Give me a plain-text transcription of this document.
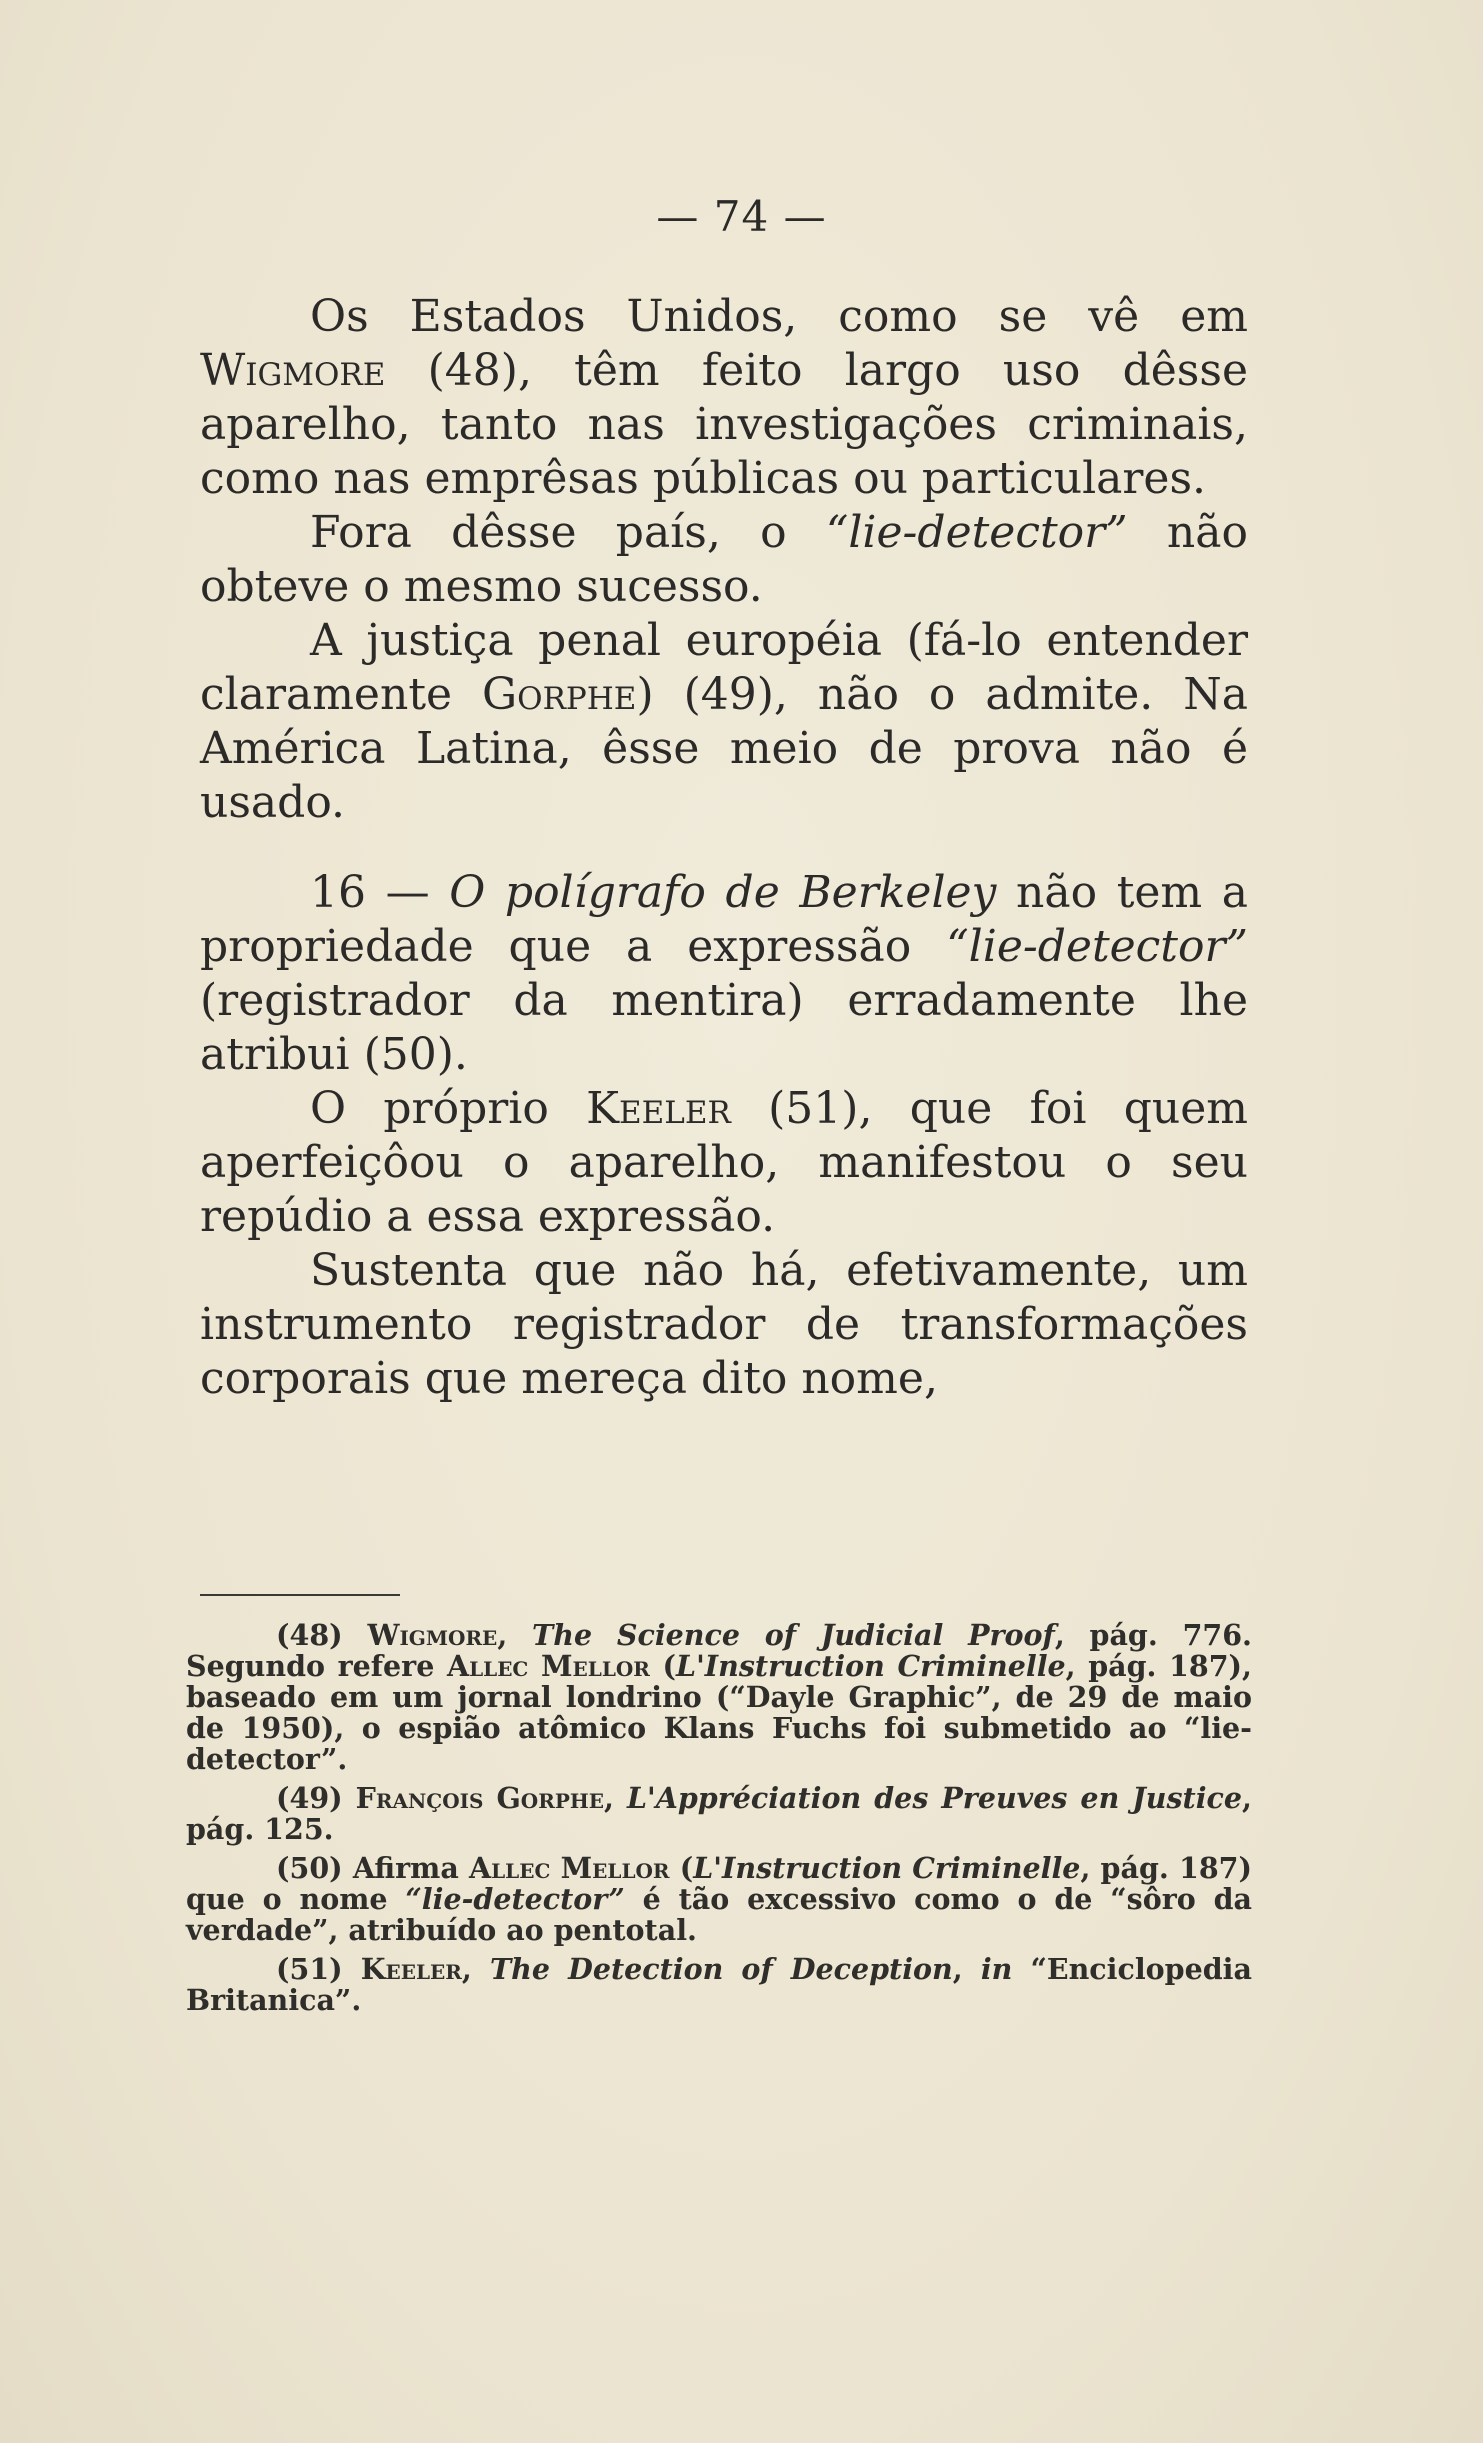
— 74 —

Os Estados Unidos, como se vê em Wigmore (48), têm feito largo uso dêsse aparelho, tanto nas investigações criminais, como nas emprêsas públicas ou particulares.

Fora dêsse país, o “lie-detector” não obteve o mesmo sucesso.

A justiça penal européia (fá-lo entender claramente Gorphe) (49), não o admite. Na América Latina, êsse meio de prova não é usado.

16 — O polígrafo de Berkeley não tem a propriedade que a expressão “lie-detector” (registrador da mentira) erradamente lhe atribui (50).

O próprio Keeler (51), que foi quem aperfeiçôou o aparelho, manifestou o seu repúdio a essa expressão.

Sustenta que não há, efetivamente, um instrumento registrador de transformações corporais que mereça dito nome,

(48) Wigmore, The Science of Judicial Proof, pág. 776. Segundo refere Allec Mellor (L'Instruction Criminelle, pág. 187), baseado em um jornal londrino (“Dayle Graphic”, de 29 de maio de 1950), o espião atômico Klans Fuchs foi submetido ao “lie-detector”.

(49) François Gorphe, L'Appréciation des Preuves en Justice, pág. 125.

(50) Afirma Allec Mellor (L'Instruction Criminelle, pág. 187) que o nome “lie-detector” é tão excessivo como o de “sôro da verdade”, atribuído ao pentotal.

(51) Keeler, The Detection of Deception, in “Enciclopedia Britanica”.
